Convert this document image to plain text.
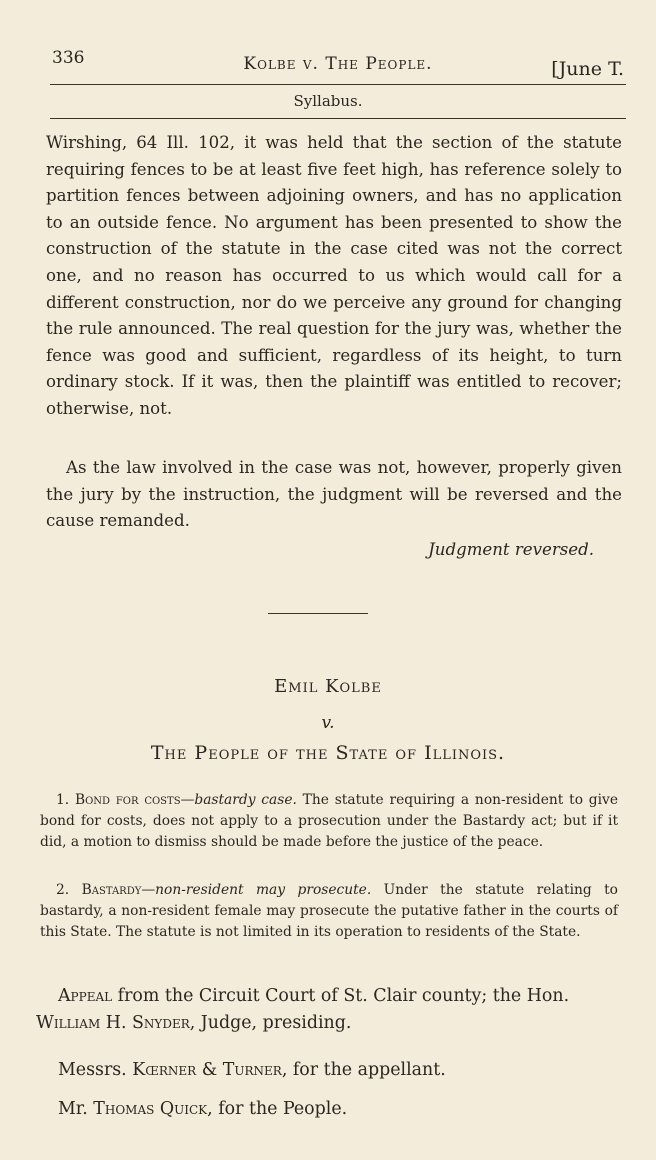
336	Kolbe v. The People.	[June T.
Syllabus.

Wirshing, 64 Ill. 102, it was held that the section of the statute requiring fences to be at least five feet high, has reference solely to partition fences between adjoining owners, and has no application to an outside fence. No argument has been presented to show the construction of the statute in the case cited was not the correct one, and no reason has occurred to us which would call for a different construction, nor do we perceive any ground for changing the rule announced. The real question for the jury was, whether the fence was good and sufficient, regardless of its height, to turn ordinary stock. If it was, then the plaintiff was entitled to recover; otherwise, not.

As the law involved in the case was not, however, properly given the jury by the instruction, the judgment will be reversed and the cause remanded.

Judgment reversed.
Emil Kolbe
v.
The People of the State of Illinois.

1. Bond for costs—bastardy case. The statute requiring a non-resident to give bond for costs, does not apply to a prosecution under the Bastardy act; but if it did, a motion to dismiss should be made before the justice of the peace.

2. Bastardy—non-resident may prosecute. Under the statute relating to bastardy, a non-resident female may prosecute the putative father in the courts of this State. The statute is not limited in its operation to residents of the State.

Appeal from the Circuit Court of St. Clair county; the Hon. William H. Snyder, Judge, presiding.

Messrs. Kœrner & Turner, for the appellant.

Mr. Thomas Quick, for the People.
